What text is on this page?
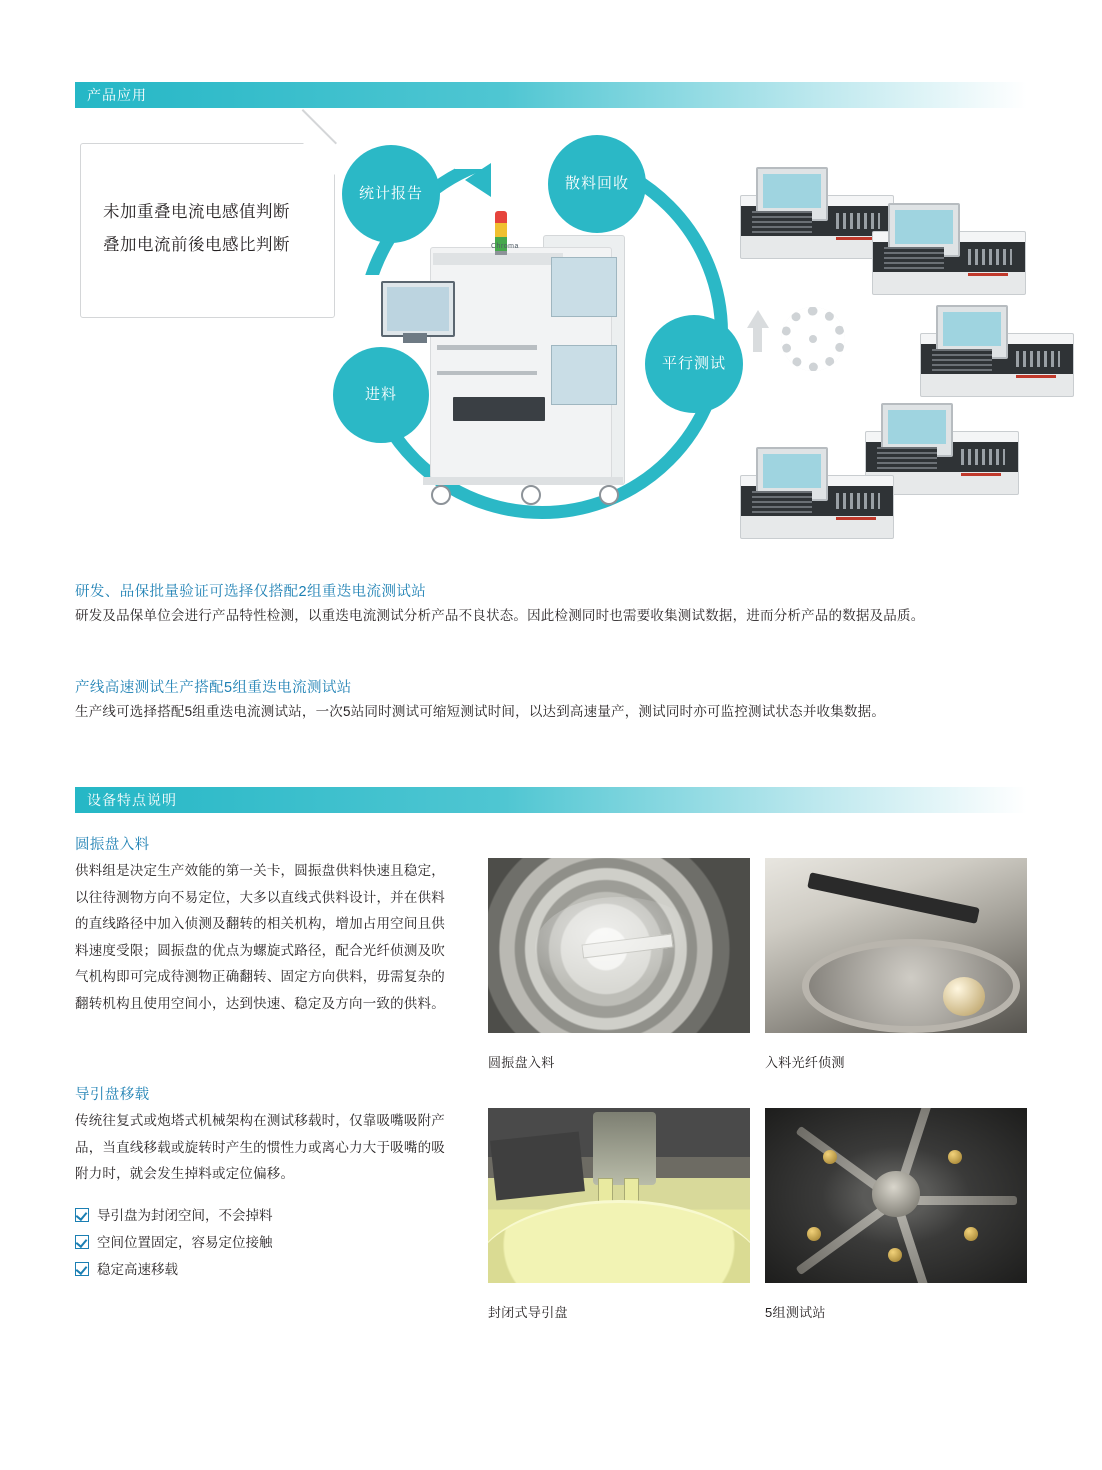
产品应用
未加重叠电流电感值判断
叠加电流前後电感比判断	Chroma
统计报告
散料回收
进料
平行测试
研发、品保批量验证可选择仅搭配2组重迭电流测试站
研发及品保单位会进行产品特性检测，以重迭电流测试分析产品不良状态。因此检测同时也需要收集测试数据，进而分析产品的数据及品质。
产线高速测试生产搭配5组重迭电流测试站
生产线可选择搭配5组重迭电流测试站，一次5站同时测试可缩短测试时间，以达到高速量产，测试同时亦可监控测试状态并收集数据。
设备特点说明
圆振盘入料
供料组是决定生产效能的第一关卡，圆振盘供料快速且稳定，以往待测物方向不易定位，大多以直线式供料设计，并在供料的直线路径中加入侦测及翻转的相关机构，增加占用空间且供料速度受限；圆振盘的优点为螺旋式路径，配合光纤侦测及吹气机构即可完成待测物正确翻转、固定方向供料，毋需复杂的翻转机构且使用空间小，达到快速、稳定及方向一致的供料。
导引盘移载
传统往复式或炮塔式机械架构在测试移载时，仅靠吸嘴吸附产品，当直线移载或旋转时产生的惯性力或离心力大于吸嘴的吸附力时，就会发生掉料或定位偏移。
导引盘为封闭空间，不会掉料
空间位置固定，容易定位接触
稳定高速移载
圆振盘入料	入料光纤侦测
封闭式导引盘	5组测试站
